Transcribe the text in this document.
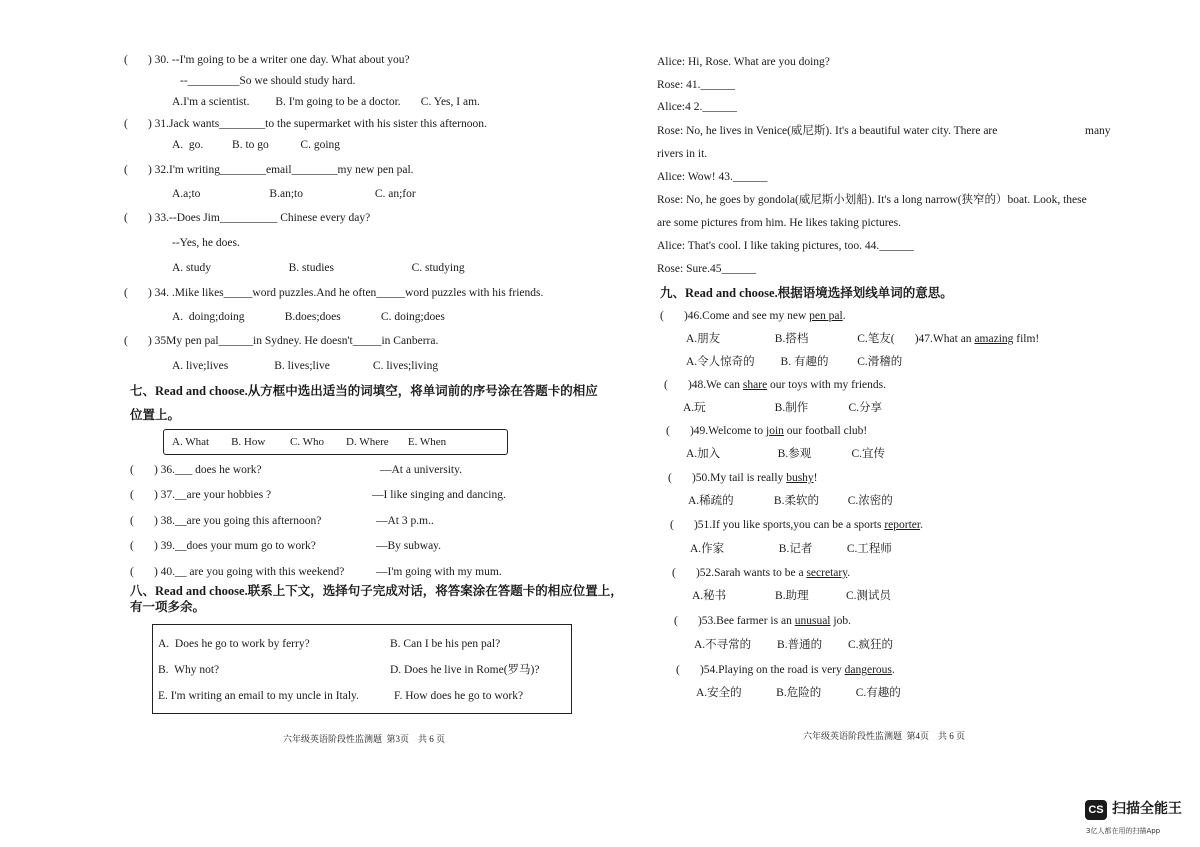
(       ) 30. --I'm going to be a writer one day. What about you?
--_________So we should study hard.
A.I'm a scientist.         B. I'm going to be a doctor.       C. Yes, I am.
(       ) 31.Jack wants________to the supermarket with his sister this afternoon.
A.  go.          B. to go           C. going
(       ) 32.I'm writing________email________my new pen pal.
A.a;to                        B.an;to                         C. an;for
(       ) 33.--Does Jim__________ Chinese every day?
--Yes, he does.
A. study                           B. studies                           C. studying
(       ) 34. .Mike likes_____word puzzles.And he often_____word puzzles with his friends.
A.  doing;doing              B.does;does              C. doing;does
(       ) 35My pen pal______in Sydney. He doesn't_____in Canberra.
A. live;lives                B. lives;live               C. lives;living
七、Read and choose.从方框中选出适当的词填空，将单词前的序号涂在答题卡的相应
位置上。
A. What        B. How         C. Who        D. Where       E. When
(       ) 36.___ does he work?	—At a university.
(       ) 37.__are your hobbies ?	—I like singing and dancing.
(       ) 38.__are you going this afternoon?	—At 3 p.m..
(       ) 39.__does your mum go to work?	—By subway.
(       ) 40.__ are you going with this weekend?	—I'm going with my mum.
八、Read and choose.联系上下文，选择句子完成对话，将答案涂在答题卡的相应位置上，
有一项多余。
A.  Does he go to work by ferry?	B. Can I be his pen pal?
B.  Why not?	D. Does he live in Rome(罗马)?
E. I'm writing an email to my uncle in Italy.	F. How does he go to work?
六年级英语阶段性监测题  第3页    共 6 页
Alice: Hi, Rose. What are you doing?
Rose: 41.______
Alice:4 2.______
Rose: No, he lives in Venice(威尼斯). It's a beautiful water city. There are	many
rivers in it.
Alice: Wow! 43.______
Rose: No, he goes by gondola(威尼斯小划船). It's a long narrow(狭窄的）boat. Look, these
are some pictures from him. He likes taking pictures.
Alice: That's cool. I like taking pictures, too. 44.______
Rose: Sure.45______
九、Read and choose.根据语境选择划线单词的意思。
(       )46.Come and see my new pen pal.
A.朋友                   B.搭档                 C.笔友(       )47.What an amazing film!
A.令人惊奇的         B. 有趣的          C.滑稽的
(       )48.We can share our toys with my friends.
A.玩                        B.制作              C.分享
(       )49.Welcome to join our football club!
A.加入                    B.参观              C.宜传
(       )50.My tail is really bushy!
A.稀疏的              B.柔软的          C.浓密的
(       )51.If you like sports,you can be a sports reporter.
A.作家                   B.记者            C.工程师
(       )52.Sarah wants to be a secretary.
A.秘书                 B.助理             C.测试员
(       )53.Bee farmer is an unusual job.
A.不寻常的         B.普通的         C.疯狂的
(       )54.Playing on the road is very dangerous.
A.安全的            B.危险的            C.有趣的
六年级英语阶段性监测题  第4页    共 6 页
CS 扫描全能王
3亿人都在用的扫描App
